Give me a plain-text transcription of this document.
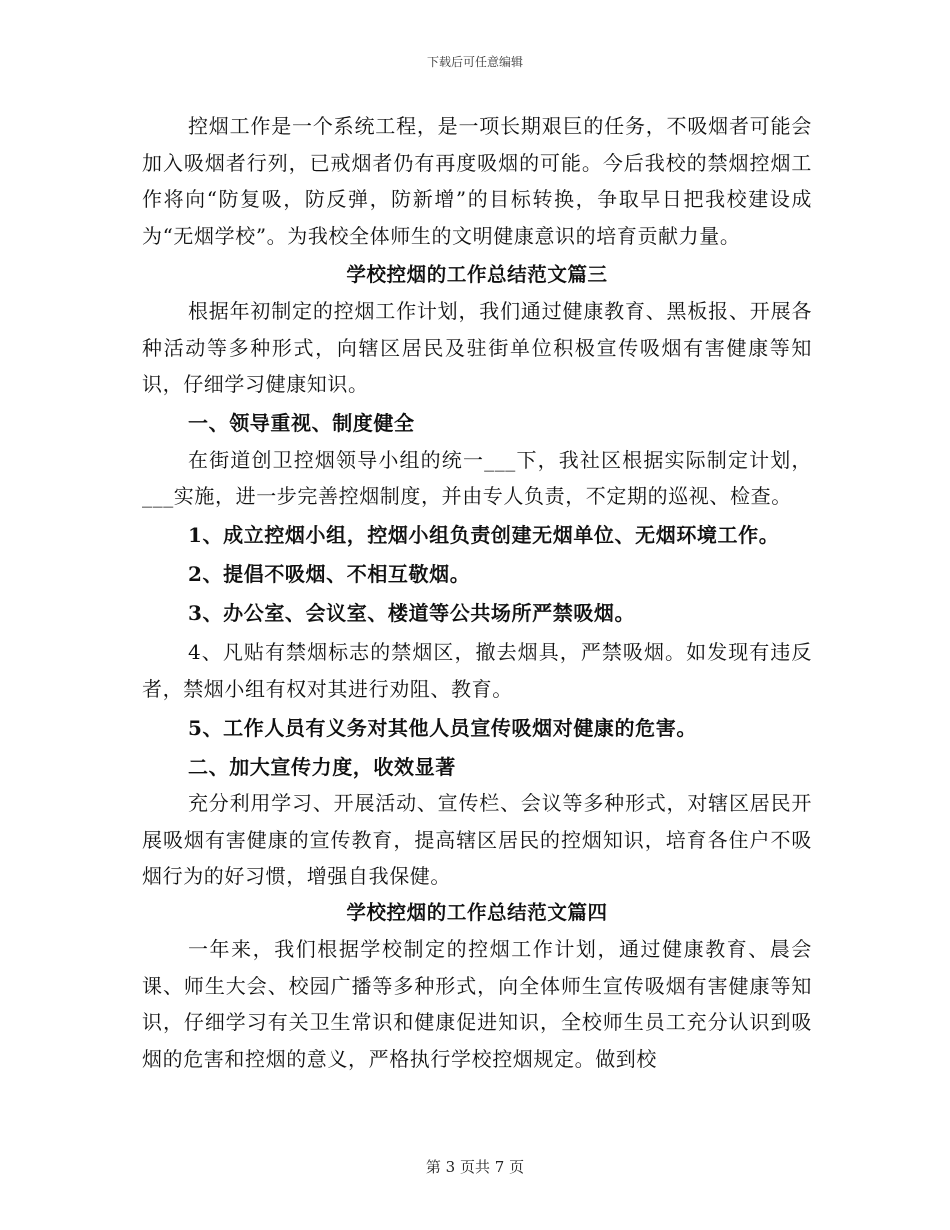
下载后可任意编辑

控烟工作是一个系统工程，是一项长期艰巨的任务，不吸烟者可能会加入吸烟者行列，已戒烟者仍有再度吸烟的可能。今后我校的禁烟控烟工作将向“防复吸，防反弹，防新增”的目标转换，争取早日把我校建设成为“无烟学校”。为我校全体师生的文明健康意识的培育贡献力量。

学校控烟的工作总结范文篇三

根据年初制定的控烟工作计划，我们通过健康教育、黑板报、开展各种活动等多种形式，向辖区居民及驻街单位积极宣传吸烟有害健康等知识，仔细学习健康知识。

一、领导重视、制度健全

在街道创卫控烟领导小组的统一___下，我社区根据实际制定计划，___实施，进一步完善控烟制度，并由专人负责，不定期的巡视、检查。

1、成立控烟小组，控烟小组负责创建无烟单位、无烟环境工作。

2、提倡不吸烟、不相互敬烟。

3、办公室、会议室、楼道等公共场所严禁吸烟。

4、凡贴有禁烟标志的禁烟区，撤去烟具，严禁吸烟。如发现有违反者，禁烟小组有权对其进行劝阻、教育。

5、工作人员有义务对其他人员宣传吸烟对健康的危害。

二、加大宣传力度，收效显著

充分利用学习、开展活动、宣传栏、会议等多种形式，对辖区居民开展吸烟有害健康的宣传教育，提高辖区居民的控烟知识，培育各住户不吸烟行为的好习惯，增强自我保健。

学校控烟的工作总结范文篇四

一年来，我们根据学校制定的控烟工作计划，通过健康教育、晨会课、师生大会、校园广播等多种形式，向全体师生宣传吸烟有害健康等知识，仔细学习有关卫生常识和健康促进知识，全校师生员工充分认识到吸烟的危害和控烟的意义，严格执行学校控烟规定。做到校

第 3 页共 7 页
